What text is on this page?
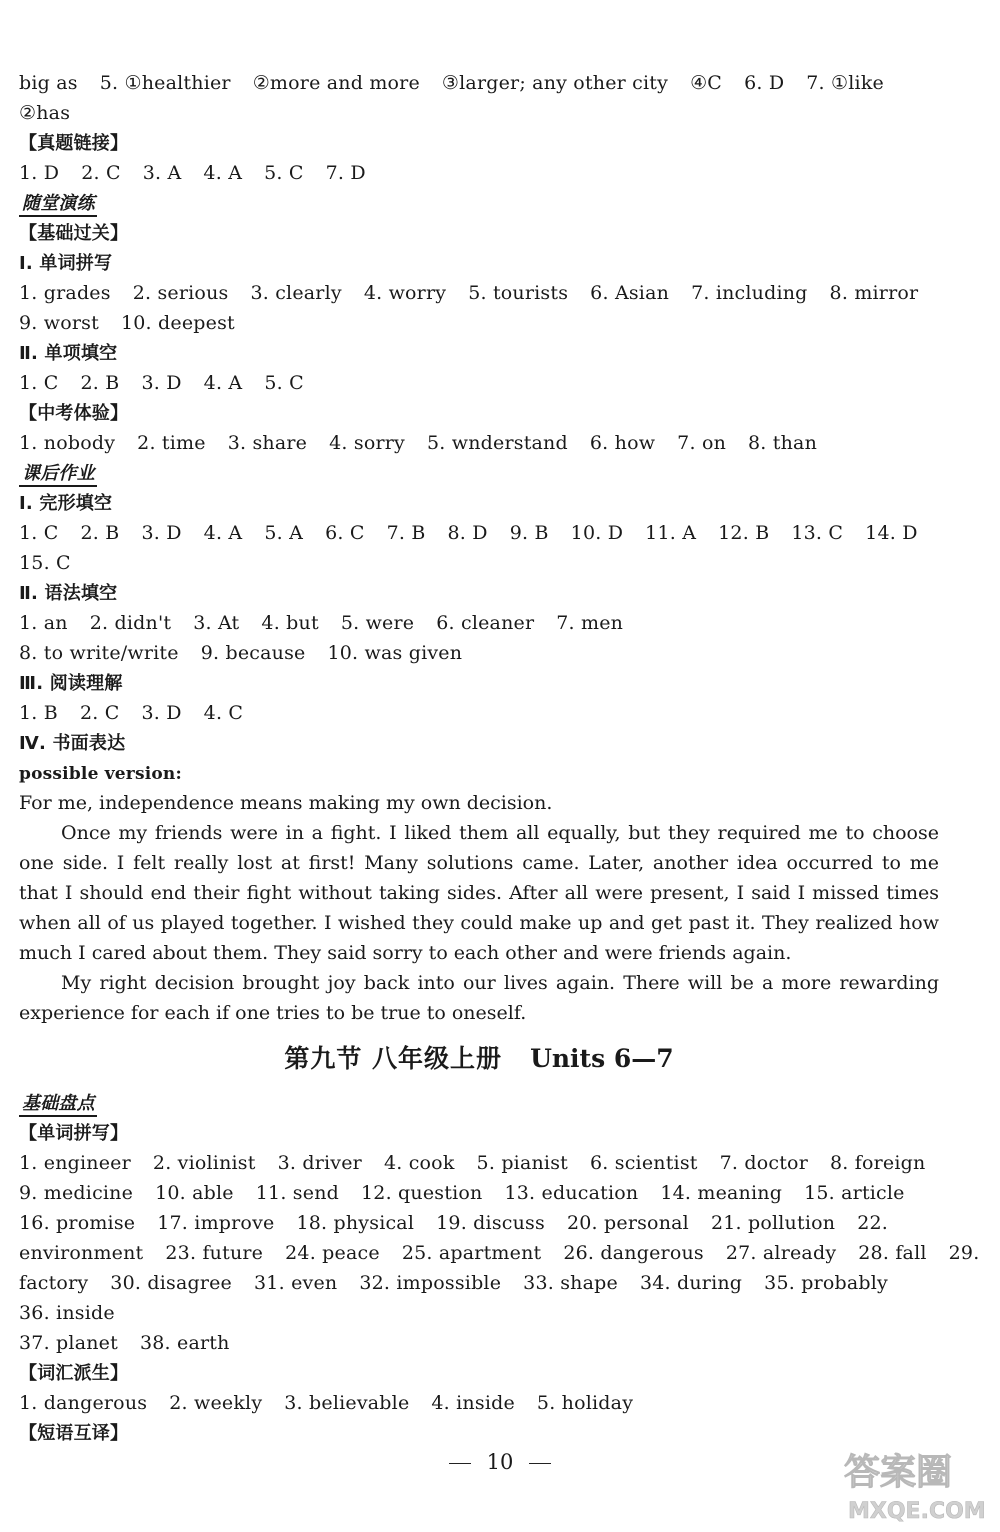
big as 5. ①healthier ②more and more ③larger; any other city ④C 6. D 7. ①like
②has
【真题链接】
1. D 2. C 3. A 4. A 5. C 7. D
随堂演练
【基础过关】
Ⅰ. 单词拼写
1. grades 2. serious 3. clearly 4. worry 5. tourists 6. Asian 7. including 8. mirror
9. worst 10. deepest
Ⅱ. 单项填空
1. C 2. B 3. D 4. A 5. C
【中考体验】
1. nobody 2. time 3. share 4. sorry 5. wnderstand 6. how 7. on 8. than
课后作业
Ⅰ. 完形填空
1. C 2. B 3. D 4. A 5. A 6. C 7. B 8. D 9. B 10. D 11. A 12. B 13. C 14. D
15. C
Ⅱ. 语法填空
1. an 2. didn't 3. At 4. but 5. were 6. cleaner 7. men
8. to write/write 9. because 10. was given
Ⅲ. 阅读理解
1. B 2. C 3. D 4. C
Ⅳ. 书面表达
possible version:

For me, independence means making my own decision.

Once my friends were in a fight. I liked them all equally, but they required me to choose one side. I felt really lost at first! Many solutions came. Later, another idea occurred to me that I should end their fight without taking sides. After all were present, I said I missed times when all of us played together. I wished they could make up and get past it. They realized how much I cared about them. They said sorry to each other and were friends again.

My right decision brought joy back into our lives again. There will be a more rewarding experience for each if one tries to be true to oneself.

第九节 八年级上册 Units 6—7
基础盘点
【单词拼写】
1. engineer 2. violinist 3. driver 4. cook 5. pianist 6. scientist 7. doctor 8. foreign
9. medicine 10. able 11. send 12. question 13. education 14. meaning 15. article
16. promise 17. improve 18. physical 19. discuss 20. personal 21. pollution 22.
environment 23. future 24. peace 25. apartment 26. dangerous 27. already 28. fall 29.
factory 30. disagree 31. even 32. impossible 33. shape 34. during 35. probably
36. inside
37. planet 38. earth
【词汇派生】
1. dangerous 2. weekly 3. believable 4. inside 5. holiday
【短语互译】
10	答案圈
MXQE.COM
